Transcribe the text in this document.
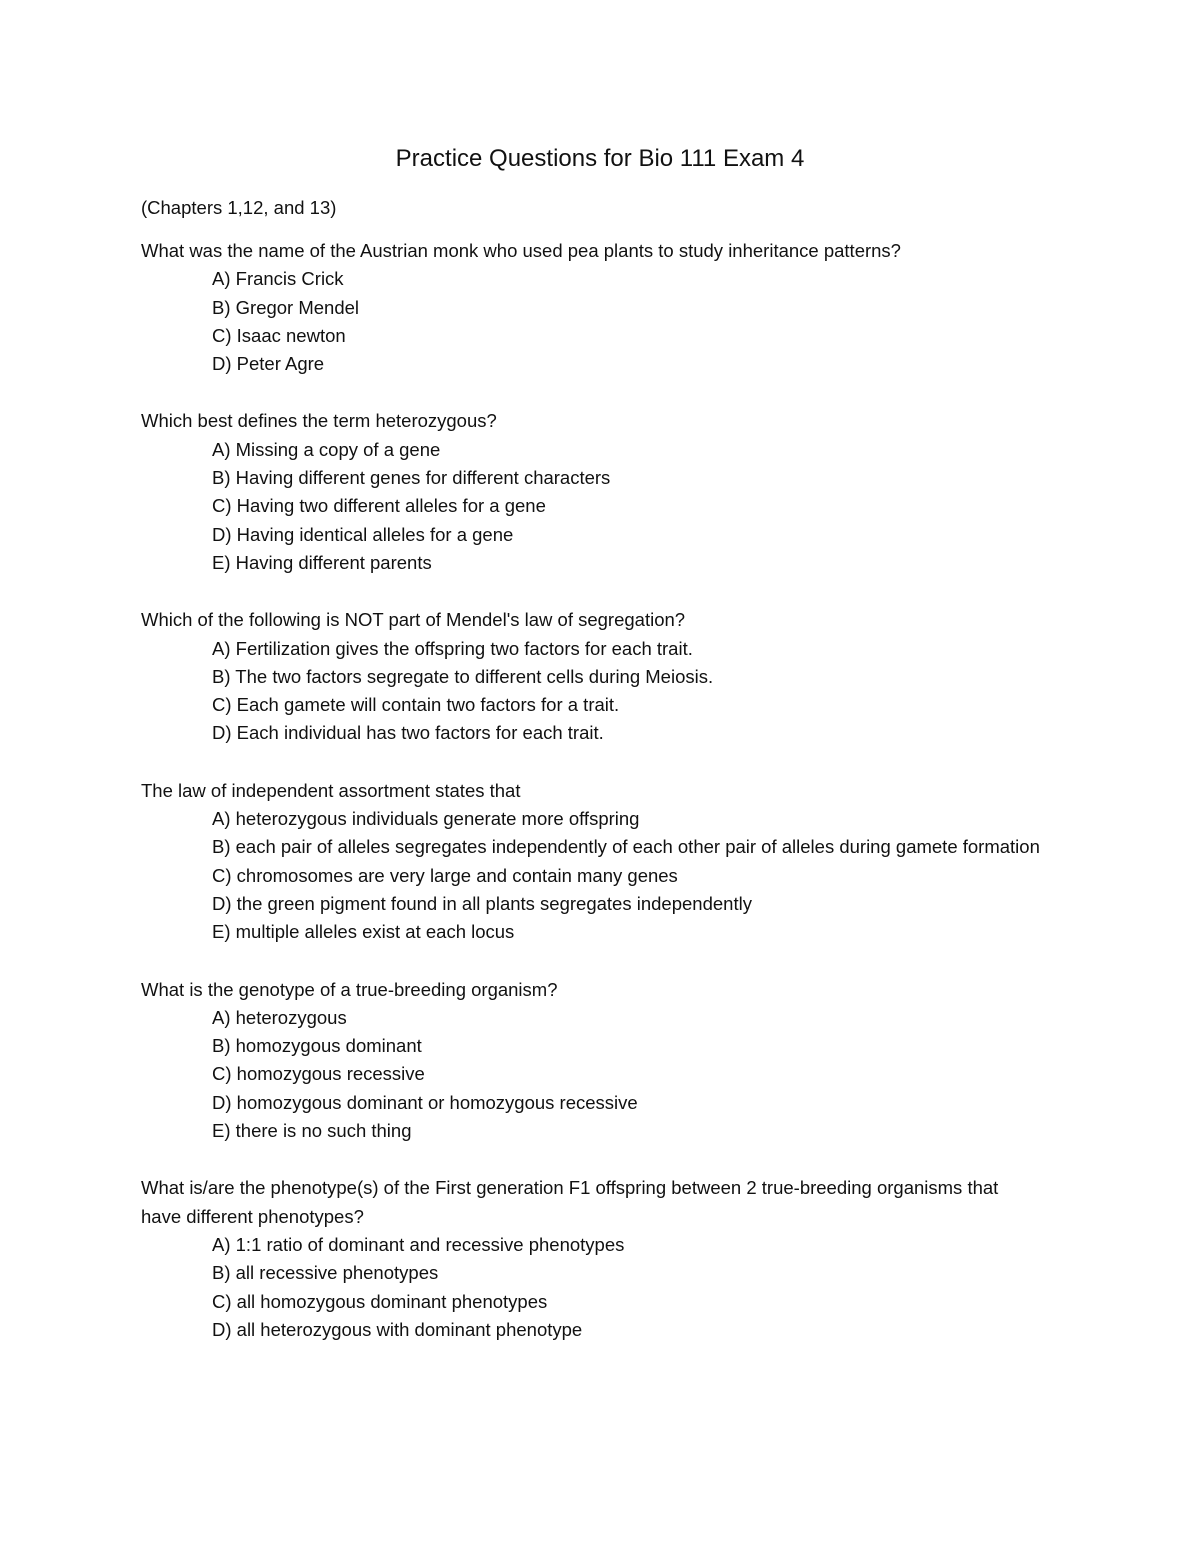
Practice Questions for Bio 111 Exam 4

(Chapters 1,12, and 13)

What was the name of the Austrian monk who used pea plants to study inheritance patterns?

A) Francis Crick
B) Gregor Mendel
C) Isaac newton
D) Peter Agre

Which best defines the term heterozygous?

A) Missing a copy of a gene
B) Having different genes for different characters
C) Having two different alleles for a gene
D) Having identical alleles for a gene
E) Having different parents

Which of the following is NOT part of Mendel's law of segregation?

A) Fertilization gives the offspring two factors for each trait.
B) The two factors segregate to different cells during Meiosis.
C) Each gamete will contain two factors for a trait.
D) Each individual has two factors for each trait.

The law of independent assortment states that

A) heterozygous individuals generate more offspring
B) each pair of alleles segregates independently of each other pair of alleles during gamete formation
C) chromosomes are very large and contain many genes
D) the green pigment found in all plants segregates independently
E) multiple alleles exist at each locus

What is the genotype of a true-breeding organism?

A) heterozygous
B) homozygous dominant
C) homozygous recessive
D) homozygous dominant or homozygous recessive
E) there is no such thing

What is/are the phenotype(s) of the First generation F1 offspring between 2 true-breeding organisms that have different phenotypes?

A) 1:1 ratio of dominant and recessive phenotypes
B) all recessive phenotypes
C) all homozygous dominant phenotypes
D) all heterozygous with dominant phenotype
